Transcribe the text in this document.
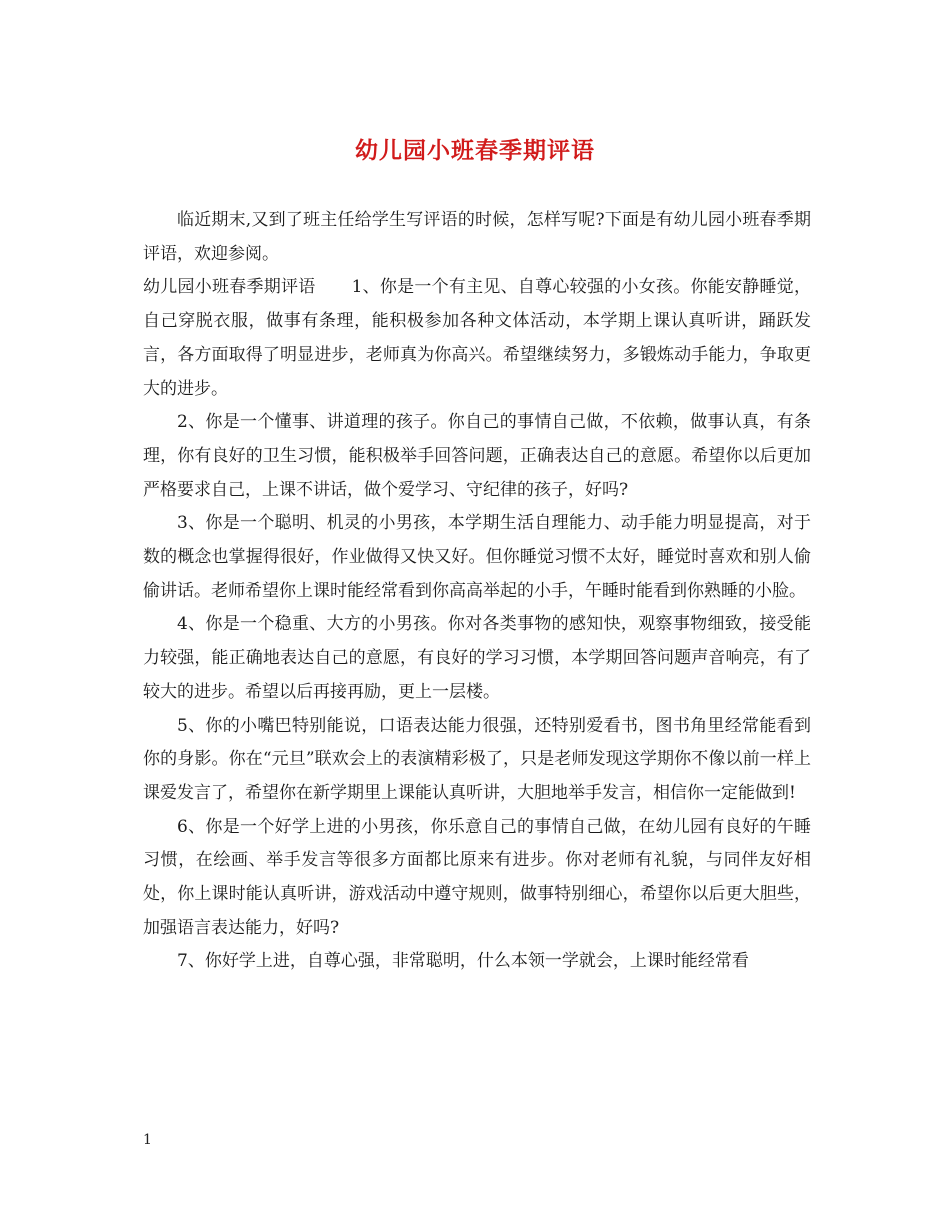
幼儿园小班春季期评语

临近期末,又到了班主任给学生写评语的时候，怎样写呢?下面是有幼儿园小班春季期评语，欢迎参阅。

幼儿园小班春季期评语 1、你是一个有主见、自尊心较强的小女孩。你能安静睡觉，自己穿脱衣服，做事有条理，能积极参加各种文体活动，本学期上课认真听讲，踊跃发言，各方面取得了明显进步，老师真为你高兴。希望继续努力，多锻炼动手能力，争取更大的进步。

2、你是一个懂事、讲道理的孩子。你自己的事情自己做，不依赖，做事认真，有条理，你有良好的卫生习惯，能积极举手回答问题，正确表达自己的意愿。希望你以后更加严格要求自己，上课不讲话，做个爱学习、守纪律的孩子，好吗?

3、你是一个聪明、机灵的小男孩，本学期生活自理能力、动手能力明显提高，对于数的概念也掌握得很好，作业做得又快又好。但你睡觉习惯不太好，睡觉时喜欢和别人偷偷讲话。老师希望你上课时能经常看到你高高举起的小手，午睡时能看到你熟睡的小脸。

4、你是一个稳重、大方的小男孩。你对各类事物的感知快，观察事物细致，接受能力较强，能正确地表达自己的意愿，有良好的学习习惯，本学期回答问题声音响亮，有了较大的进步。希望以后再接再励，更上一层楼。

5、你的小嘴巴特别能说，口语表达能力很强，还特别爱看书，图书角里经常能看到你的身影。你在“元旦”联欢会上的表演精彩极了，只是老师发现这学期你不像以前一样上课爱发言了，希望你在新学期里上课能认真听讲，大胆地举手发言，相信你一定能做到!

6、你是一个好学上进的小男孩，你乐意自己的事情自己做，在幼儿园有良好的午睡习惯，在绘画、举手发言等很多方面都比原来有进步。你对老师有礼貌，与同伴友好相处，你上课时能认真听讲，游戏活动中遵守规则，做事特别细心，希望你以后更大胆些，加强语言表达能力，好吗?

7、你好学上进，自尊心强，非常聪明，什么本领一学就会，上课时能经常看

1
